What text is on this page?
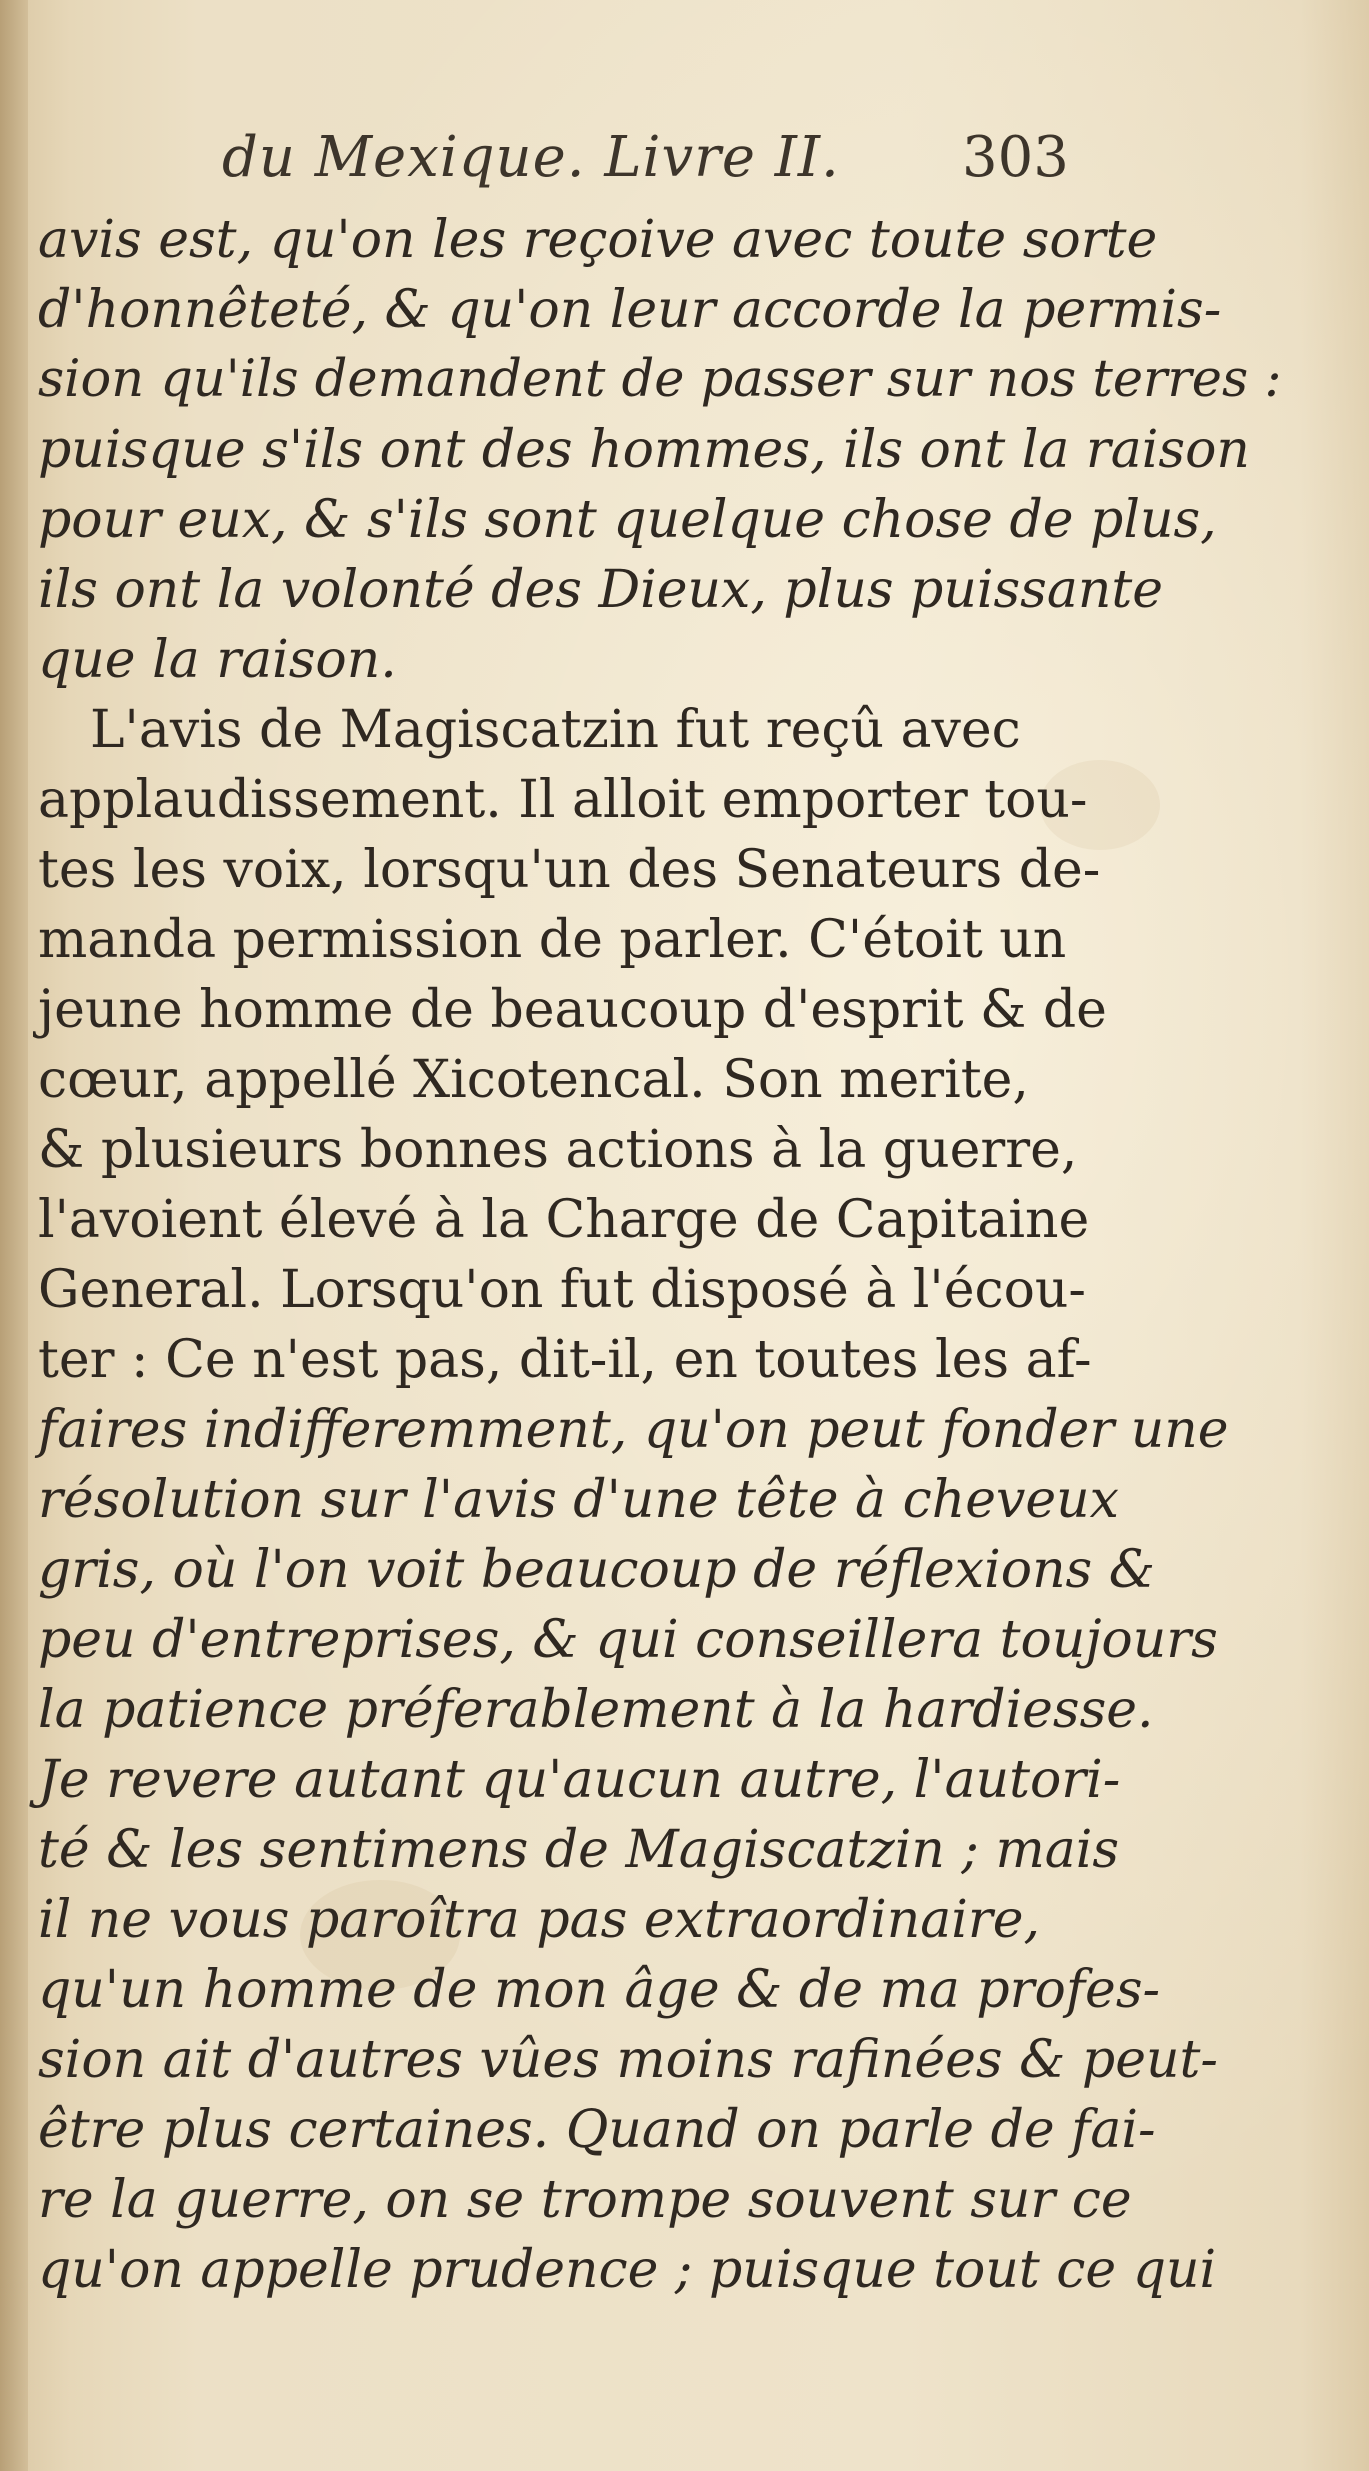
du Mexique. Livre II. 303
avis est, qu'on les reçoive avec toute sorte
d'honnêteté, & qu'on leur accorde la permis-
sion qu'ils demandent de passer sur nos terres :
puisque s'ils ont des hommes, ils ont la raison
pour eux, & s'ils sont quelque chose de plus,
ils ont la volonté des Dieux, plus puissante
que la raison.
L'avis de Magiscatzin fut reçû avec
applaudissement. Il alloit emporter tou-
tes les voix, lorsqu'un des Senateurs de-
manda permission de parler. C'étoit un
jeune homme de beaucoup d'esprit & de
cœur, appellé Xicotencal. Son merite,
& plusieurs bonnes actions à la guerre,
l'avoient élevé à la Charge de Capitaine
General. Lorsqu'on fut disposé à l'écou-
ter : Ce n'est pas, dit-il, en toutes les af-
faires indifferemment, qu'on peut fonder une
résolution sur l'avis d'une tête à cheveux
gris, où l'on voit beaucoup de réflexions &
peu d'entreprises, & qui conseillera toujours
la patience préferablement à la hardiesse.
Je revere autant qu'aucun autre, l'autori-
té & les sentimens de Magiscatzin ; mais
il ne vous paroîtra pas extraordinaire,
qu'un homme de mon âge & de ma profes-
sion ait d'autres vûes moins rafinées & peut-
être plus certaines. Quand on parle de fai-
re la guerre, on se trompe souvent sur ce
qu'on appelle prudence ; puisque tout ce qui
